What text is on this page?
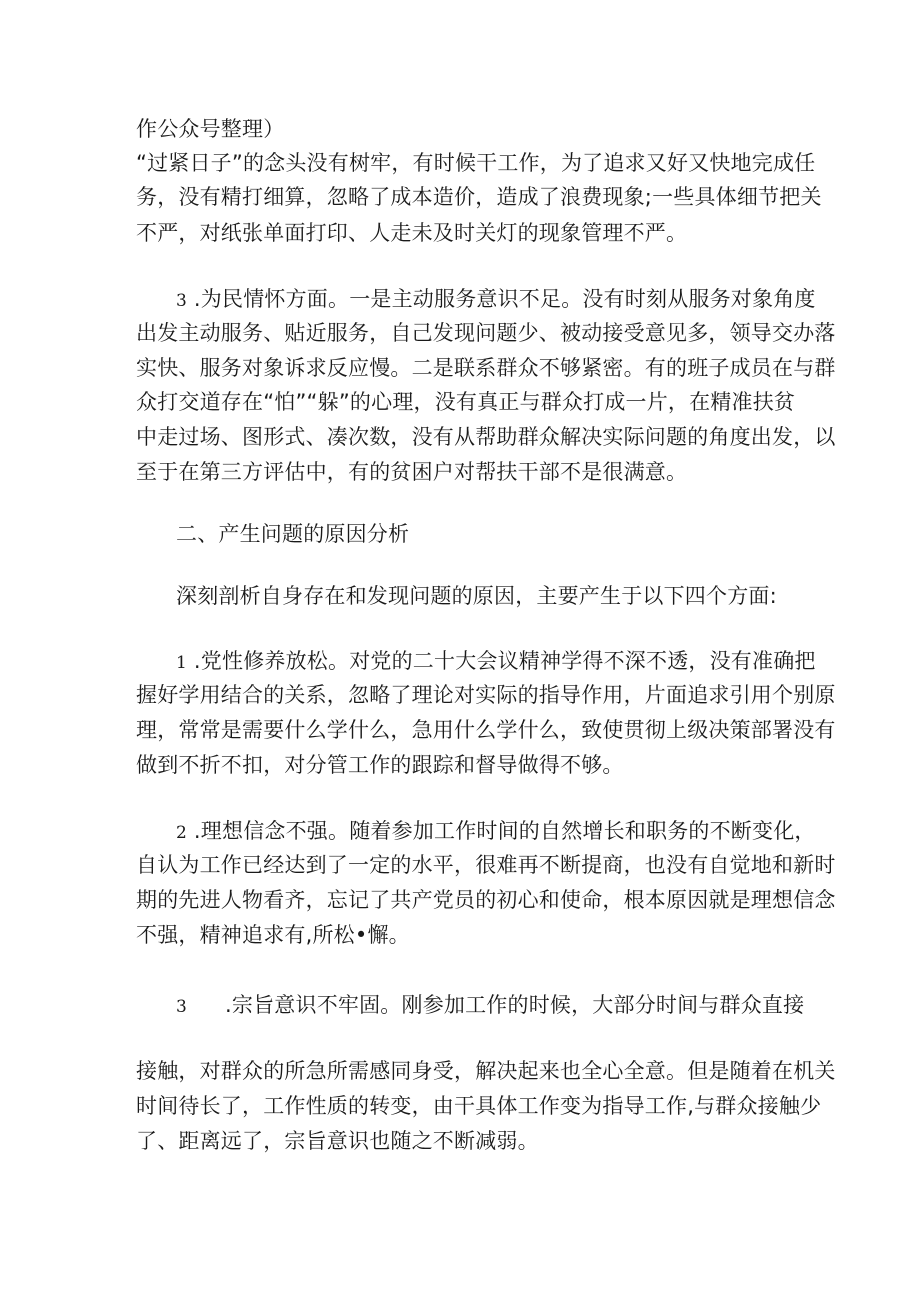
作公众号整理）
“过紧日子”的念头没有树牢，有时候干工作，为了追求又好又快地完成任
务，没有精打细算，忽略了成本造价，造成了浪费现象;一些具体细节把关
不严，对纸张单面打印、人走未及时关灯的现象管理不严。
3 .为民情怀方面。一是主动服务意识不足。没有时刻从服务对象角度
出发主动服务、贴近服务，自己发现问题少、被动接受意见多，领导交办落
实快、服务对象诉求反应慢。二是联系群众不够紧密。有的班子成员在与群
众打交道存在“怕”“躲”的心理，没有真正与群众打成一片，在精准扶贫
中走过场、图形式、凑次数，没有从帮助群众解决实际问题的角度出发，以
至于在第三方评估中，有的贫困户对帮扶干部不是很满意。
二、产生问题的原因分析
深刻剖析自身存在和发现问题的原因，主要产生于以下四个方面:
1 .党性修养放松。对党的二十大会议精神学得不深不透，没有准确把
握好学用结合的关系，忽略了理论对实际的指导作用，片面追求引用个别原
理，常常是需要什么学什么，急用什么学什么，致使贯彻上级决策部署没有
做到不折不扣，对分管工作的跟踪和督导做得不够。
2 .理想信念不强。随着参加工作时间的自然增长和职务的不断变化，
自认为工作已经达到了一定的水平，很难再不断提商，也没有自觉地和新时
期的先进人物看齐，忘记了共产党员的初心和使命，根本原因就是理想信念
不强，精神追求有,所松•懈。
3 .宗旨意识不牢固。刚参加工作的时候，大部分时间与群众直接
接触，对群众的所急所需感同身受，解决起来也全心全意。但是随着在机关
时间待长了，工作性质的转变，由干具体工作变为指导工作,与群众接触少
了、距离远了，宗旨意识也随之不断减弱。
